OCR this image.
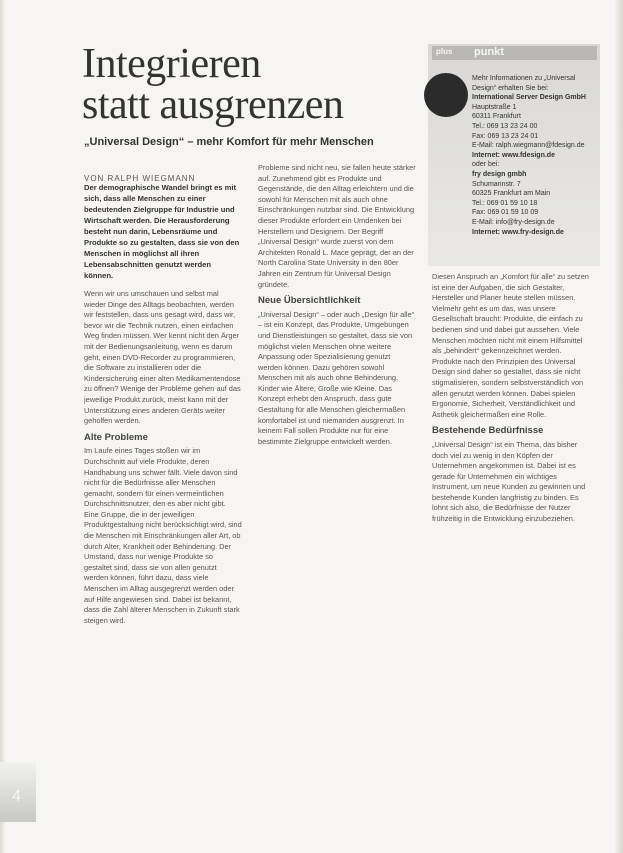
Integrieren
statt ausgrenzen
„Universal Design“ – mehr Komfort für mehr Menschen
VON RALPH WIEGMANN

Der demographische Wandel bringt es mit sich, dass alle Menschen zu einer bedeutenden Zielgruppe für Industrie und Wirtschaft werden. Die Herausforderung besteht nun darin, Lebensräume und Produkte so zu gestalten, dass sie von den Menschen in möglichst all ihren Lebensabschnitten genutzt werden können.

Wenn wir uns umschauen und selbst mal wieder Dinge des Alltags beobachten, werden wir feststellen, dass uns gesagt wird, dass wir, bevor wir die Technik nutzen, einen einfachen Weg finden müssen. Wer kennt nicht den Ärger mit der Bedienungsanleitung, wenn es darum geht, einen DVD-Recorder zu programmieren, die Software zu installieren oder die Kindersicherung einer alten Medikamentendose zu öffnen? Wenige der Probleme gehen auf das jeweilige Produkt zurück, meist kann mit der Unterstützung eines anderen Geräts weiter geholfen werden.

Alte Probleme

Im Laufe eines Tages stoßen wir im Durchschnitt auf viele Produkte, deren Handhabung uns schwer fällt. Viele davon sind nicht für die Bedürfnisse aller Menschen gemacht, sondern für einen vermeintlichen Durchschnittsnutzer, den es aber nicht gibt. Eine Gruppe, die in der jeweiligen Produktgestaltung nicht berücksichtigt wird, sind die Menschen mit Einschränkungen aller Art, ob durch Alter, Krankheit oder Behinderung. Der Umstand, dass nur wenige Produkte so gestaltet sind, dass sie von allen genutzt werden können, führt dazu, dass viele Menschen im Alltag ausgegrenzt werden oder auf Hilfe angewiesen sind. Dabei ist bekannt, dass die Zahl älterer Menschen in Zukunft stark steigen wird.

Probleme sind nicht neu, sie fallen heute stärker auf. Zunehmend gibt es Produkte und Gegenstände, die den Alltag erleichtern und die sowohl für Menschen mit als auch ohne Einschränkungen nutzbar sind. Die Entwicklung dieser Produkte erfordert ein Umdenken bei Herstellern und Designern. Der Begriff „Universal Design“ wurde zuerst von dem Architekten Ronald L. Mace geprägt, der an der North Carolina State University in den 80er Jahren ein Zentrum für Universal Design gründete.

Neue Übersichtlichkeit

„Universal Design“ – oder auch „Design für alle“ – ist ein Konzept, das Produkte, Umgebungen und Dienstleistungen so gestaltet, dass sie von möglichst vielen Menschen ohne weitere Anpassung oder Spezialisierung genutzt werden können. Dazu gehören sowohl Menschen mit als auch ohne Behinderung, Kinder wie Ältere, Große wie Kleine. Das Konzept erhebt den Anspruch, dass gute Gestaltung für alle Menschen gleichermaßen komfortabel ist und niemanden ausgrenzt. In keinem Fall sollen Produkte nur für eine bestimmte Zielgruppe entwickelt werden.

Diesen Anspruch an „Komfort für alle“ zu setzen ist eine der Aufgaben, die sich Gestalter, Hersteller und Planer heute stellen müssen. Vielmehr geht es um das, was unsere Gesellschaft braucht: Produkte, die einfach zu bedienen sind und dabei gut aussehen. Viele Menschen möchten nicht mit einem Hilfsmittel als „behindert“ gekennzeichnet werden. Produkte nach den Prinzipien des Universal Design sind daher so gestaltet, dass sie nicht stigmatisieren, sondern selbstverständlich von allen genutzt werden können. Dabei spielen Ergonomie, Sicherheit, Verständlichkeit und Ästhetik gleichermaßen eine Rolle.

Bestehende Bedürfnisse

„Universal Design“ ist ein Thema, das bisher doch viel zu wenig in den Köpfen der Unternehmen angekommen ist. Dabei ist es gerade für Unternehmen ein wichtiges Instrument, um neue Kunden zu gewinnen und bestehende Kunden langfristig zu binden. Es lohnt sich also, die Bedürfnisse der Nutzer frühzeitig in die Entwicklung einzubeziehen.

plus punkt

Mehr Informationen zu „Universal Design“ erhalten Sie bei:

International Server Design GmbH

Hauptstraße 1

60311 Frankfurt

Tel.: 069 13 23 24 00

Fax: 069 13 23 24 01

E-Mail: ralph.wiegmann@fdesign.de

Internet: www.fdesign.de

oder bei:

fry design gmbh

Schumannstr. 7

60325 Frankfurt am Main

Tel.: 069 01 59 10 18

Fax: 069 01 59 10 09

E-Mail: info@fry-design.de

Internet: www.fry-design.de

4
